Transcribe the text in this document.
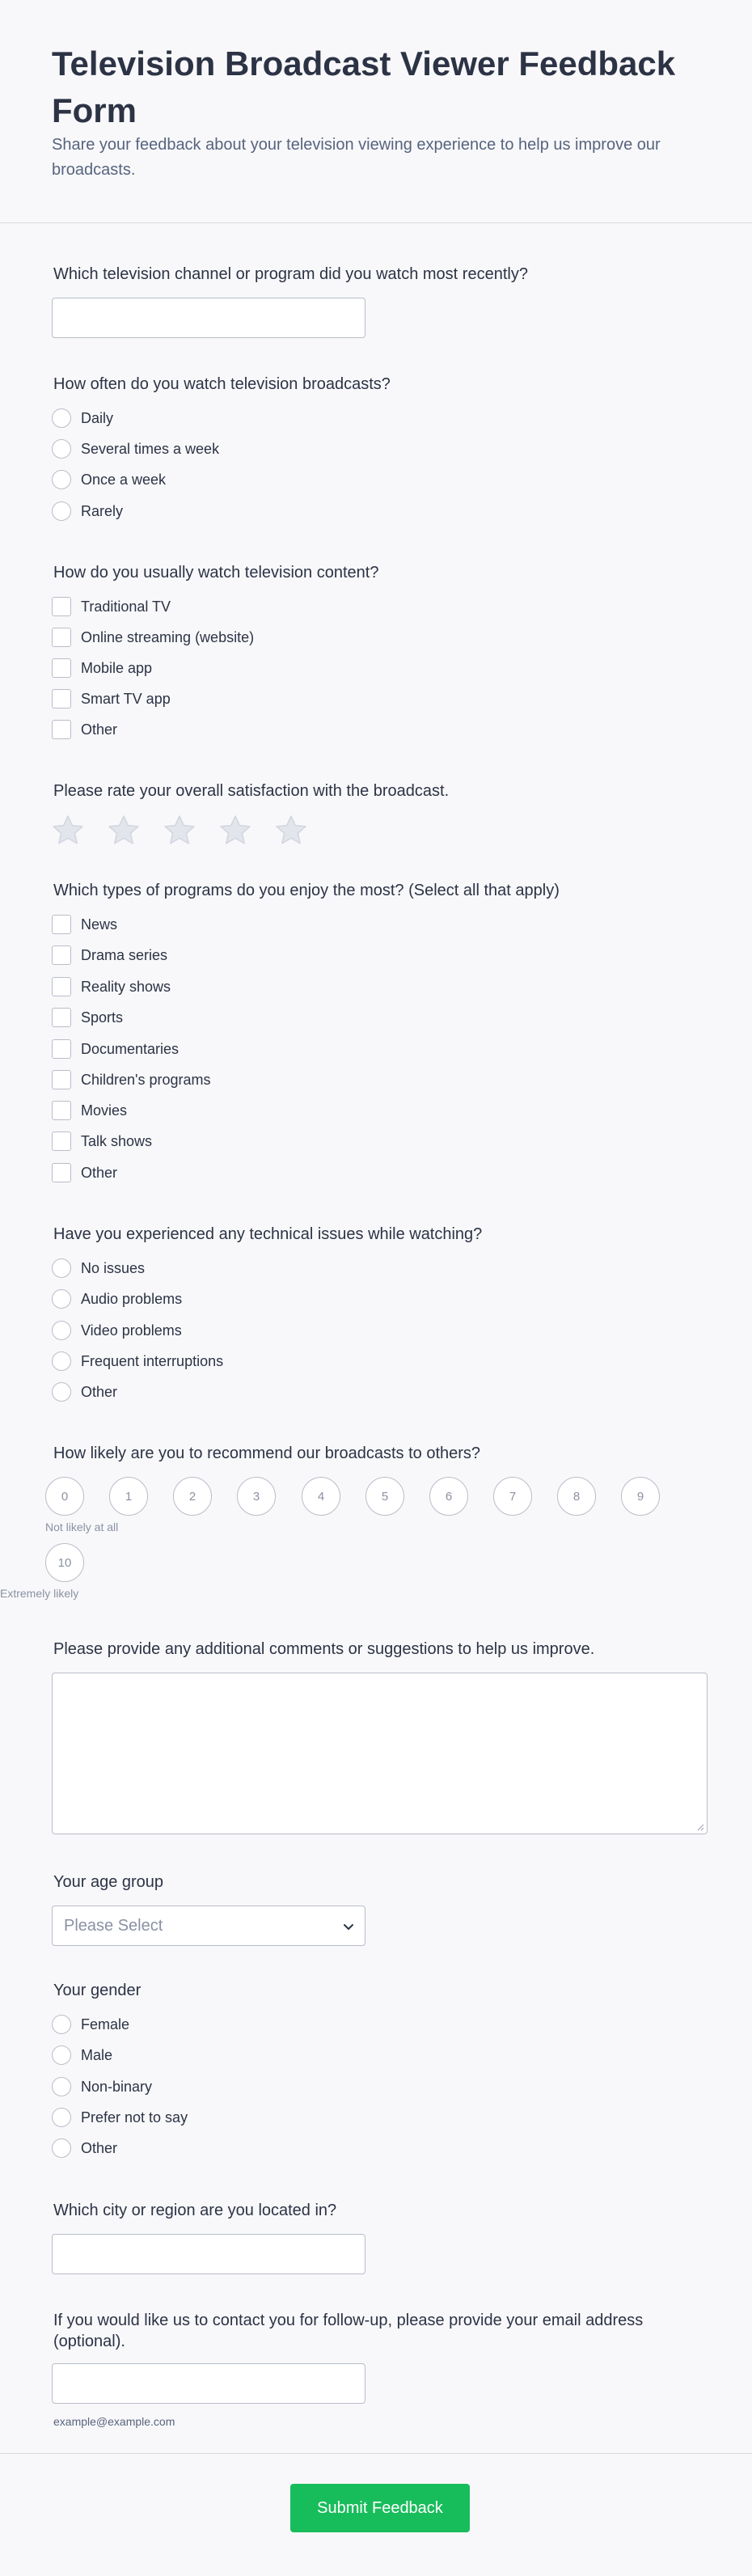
Television Broadcast Viewer Feedback Form

Share your feedback about your television viewing experience to help us improve our broadcasts.

Which television channel or program did you watch most recently?
How often do you watch television broadcasts?
Daily
Several times a week
Once a week
Rarely
How do you usually watch television content?
Traditional TV
Online streaming (website)
Mobile app
Smart TV app
Other
Please rate your overall satisfaction with the broadcast.
Which types of programs do you enjoy the most? (Select all that apply)
News
Drama series
Reality shows
Sports
Documentaries
Children's programs
Movies
Talk shows
Other
Have you experienced any technical issues while watching?
No issues
Audio problems
Video problems
Frequent interruptions
Other
How likely are you to recommend our broadcasts to others?
0	1	2	3	4	5	6	7	8	9
Not likely at all
10
Extremely likely
Please provide any additional comments or suggestions to help us improve.
Your age group
Please Select
Your gender
Female
Male
Non-binary
Prefer not to say
Other
Which city or region are you located in?
If you would like us to contact you for follow-up, please provide your email address (optional).
example@example.com
Submit Feedback
